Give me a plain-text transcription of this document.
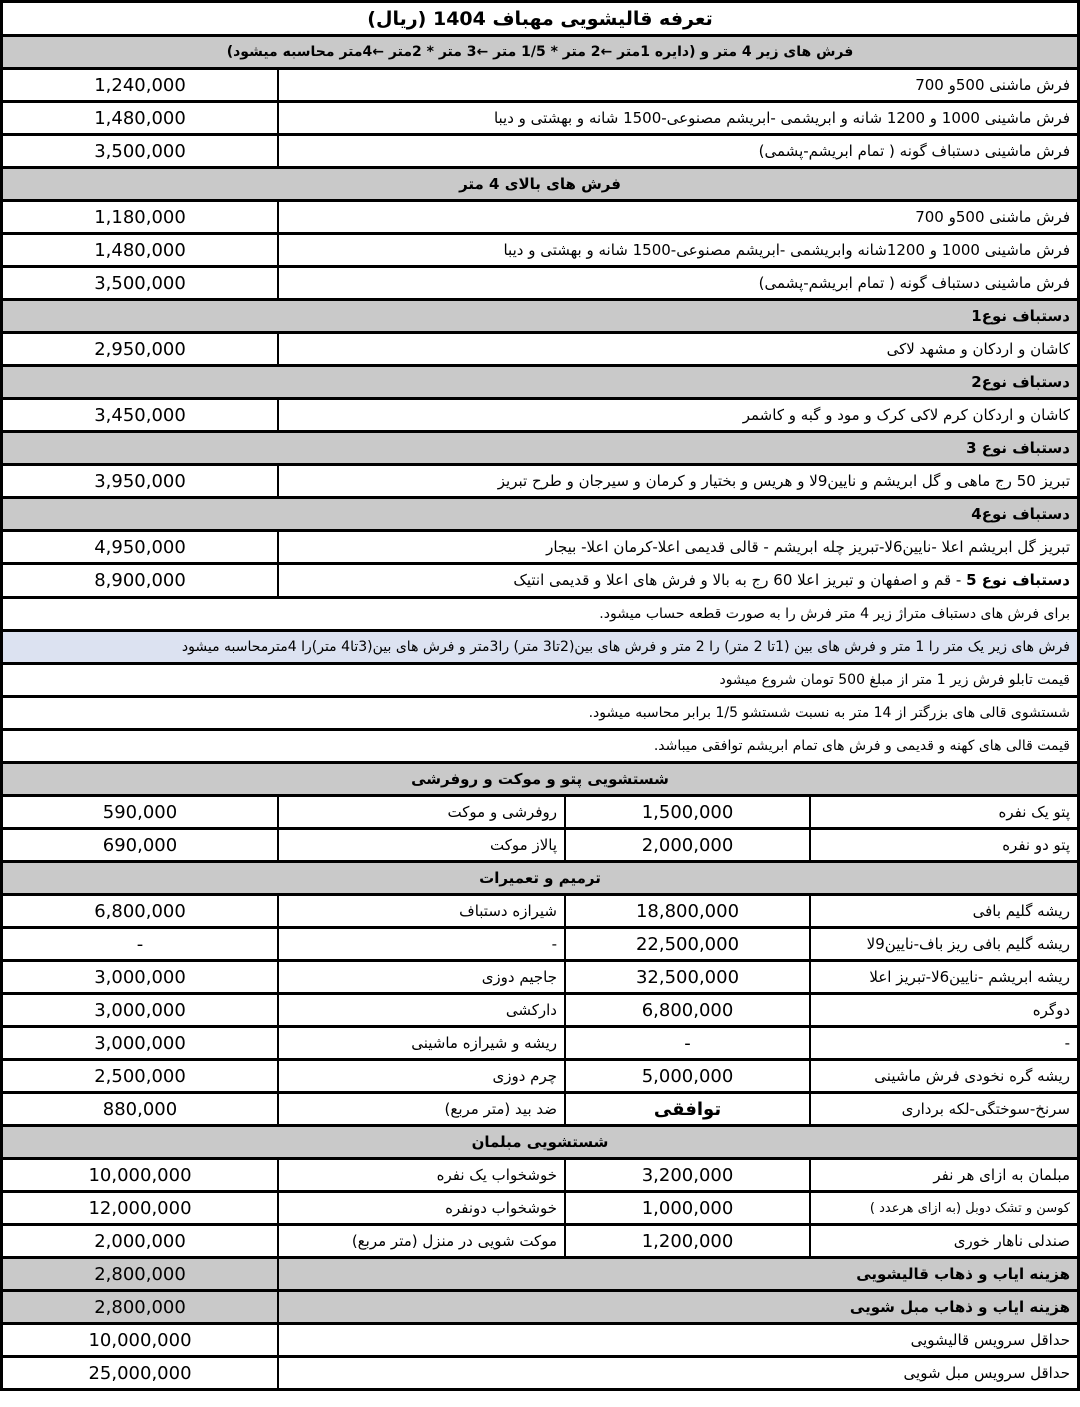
تعرفه قالیشویی مهباف 1404 (ریال)
فرش های زیر 4 متر و (دایره 1متر ←2 متر * 1/5 متر ←3 متر * 2متر ←4متر محاسبه میشود)
فرش ماشنی 500و 700
1,240,000
فرش ماشینی 1000 و 1200 شانه و ابریشمی -ابریشم مصنوعی-1500 شانه و بهشتی و دیبا
1,480,000
فرش ماشینی دستباف گونه ( تمام ابریشم-پشمی)
3,500,000
فرش های بالای 4 متر
فرش ماشنی 500و 700
1,180,000
فرش ماشینی 1000 و 1200شانه وابریشمی -ابریشم مصنوعی-1500 شانه و بهشتی و دیبا
1,480,000
فرش ماشینی دستباف گونه ( تمام ابریشم-پشمی)
3,500,000
دستباف نوع1
کاشان و اردکان و مشهد لاکی
2,950,000
دستباف نوع2
کاشان و اردکان کرم لاکی کرک و مود و گبه و کاشمر
3,450,000
دستباف نوع 3
تبریز 50 رج ماهی و گل ابریشم و نایین9لا و هریس و بختیار و کرمان و سیرجان و طرح تبریز
3,950,000
دستباف نوع4
تبریز گل ابریشم اعلا -نایین6لا-تبریز چله ابریشم - قالی قدیمی اعلا-کرمان اعلا- بیجار
4,950,000
دستباف نوع 5 - قم و اصفهان و تبریز اعلا 60 رج به بالا و فرش های اعلا و قدیمی انتیک
8,900,000
برای فرش های دستباف متراژ زیر 4 متر فرش را به صورت قطعه حساب میشود.
فرش های زیر یک متر را 1 متر و فرش های بین (1تا 2 متر) را 2 متر و فرش های بین(2تا3 متر) را3متر و فرش های بین(3تا4 متر)را 4مترمحاسبه میشود
قیمت تابلو فرش زیر 1 متر از مبلغ 500 تومان شروع میشود
شستشوی قالی های بزرگتر از 14 متر به نسبت شستشو 1/5 برابر محاسبه میشود.
قیمت قالی های کهنه و قدیمی و فرش های تمام ابریشم توافقی میباشد.
شستشویی پتو و موکت و روفرشی
پتو یک نفره
1,500,000
روفرشی و موکت
590,000
پتو دو نفره
2,000,000
پالاز موکت
690,000
ترمیم و تعمیرات
ریشه گلیم بافی
18,800,000
شیرازه دستباف
6,800,000
ریشه گلیم بافی ریز باف-نایین9لا
22,500,000
-
-
ریشه ابریشم -نایین6لا-تبریز اعلا
32,500,000
جاجیم دوزی
3,000,000
دوگره
6,800,000
دارکشی
3,000,000
-
-
ریشه و شیرازه ماشینی
3,000,000
ریشه گره نخودی فرش ماشینی
5,000,000
چرم دوزی
2,500,000
سرنخ-سوختگی-لکه برداری
توافقی
ضد بید (متر مربع)
880,000
شستشویی مبلمان
مبلمان به ازای هر نفر
3,200,000
خوشخواب یک نفره
10,000,000
کوسن و تشک دوبل (به ازای هرعدد )
1,000,000
خوشخواب دونفره
12,000,000
صندلی ناهار خوری
1,200,000
موکت شویی در منزل (متر مربع)
2,000,000
هزینه ایاب و ذهاب قالیشویی
2,800,000
هزینه ایاب و ذهاب مبل شویی
2,800,000
حداقل سرویس قالیشویی
10,000,000
حداقل سرویس مبل شویی
25,000,000
